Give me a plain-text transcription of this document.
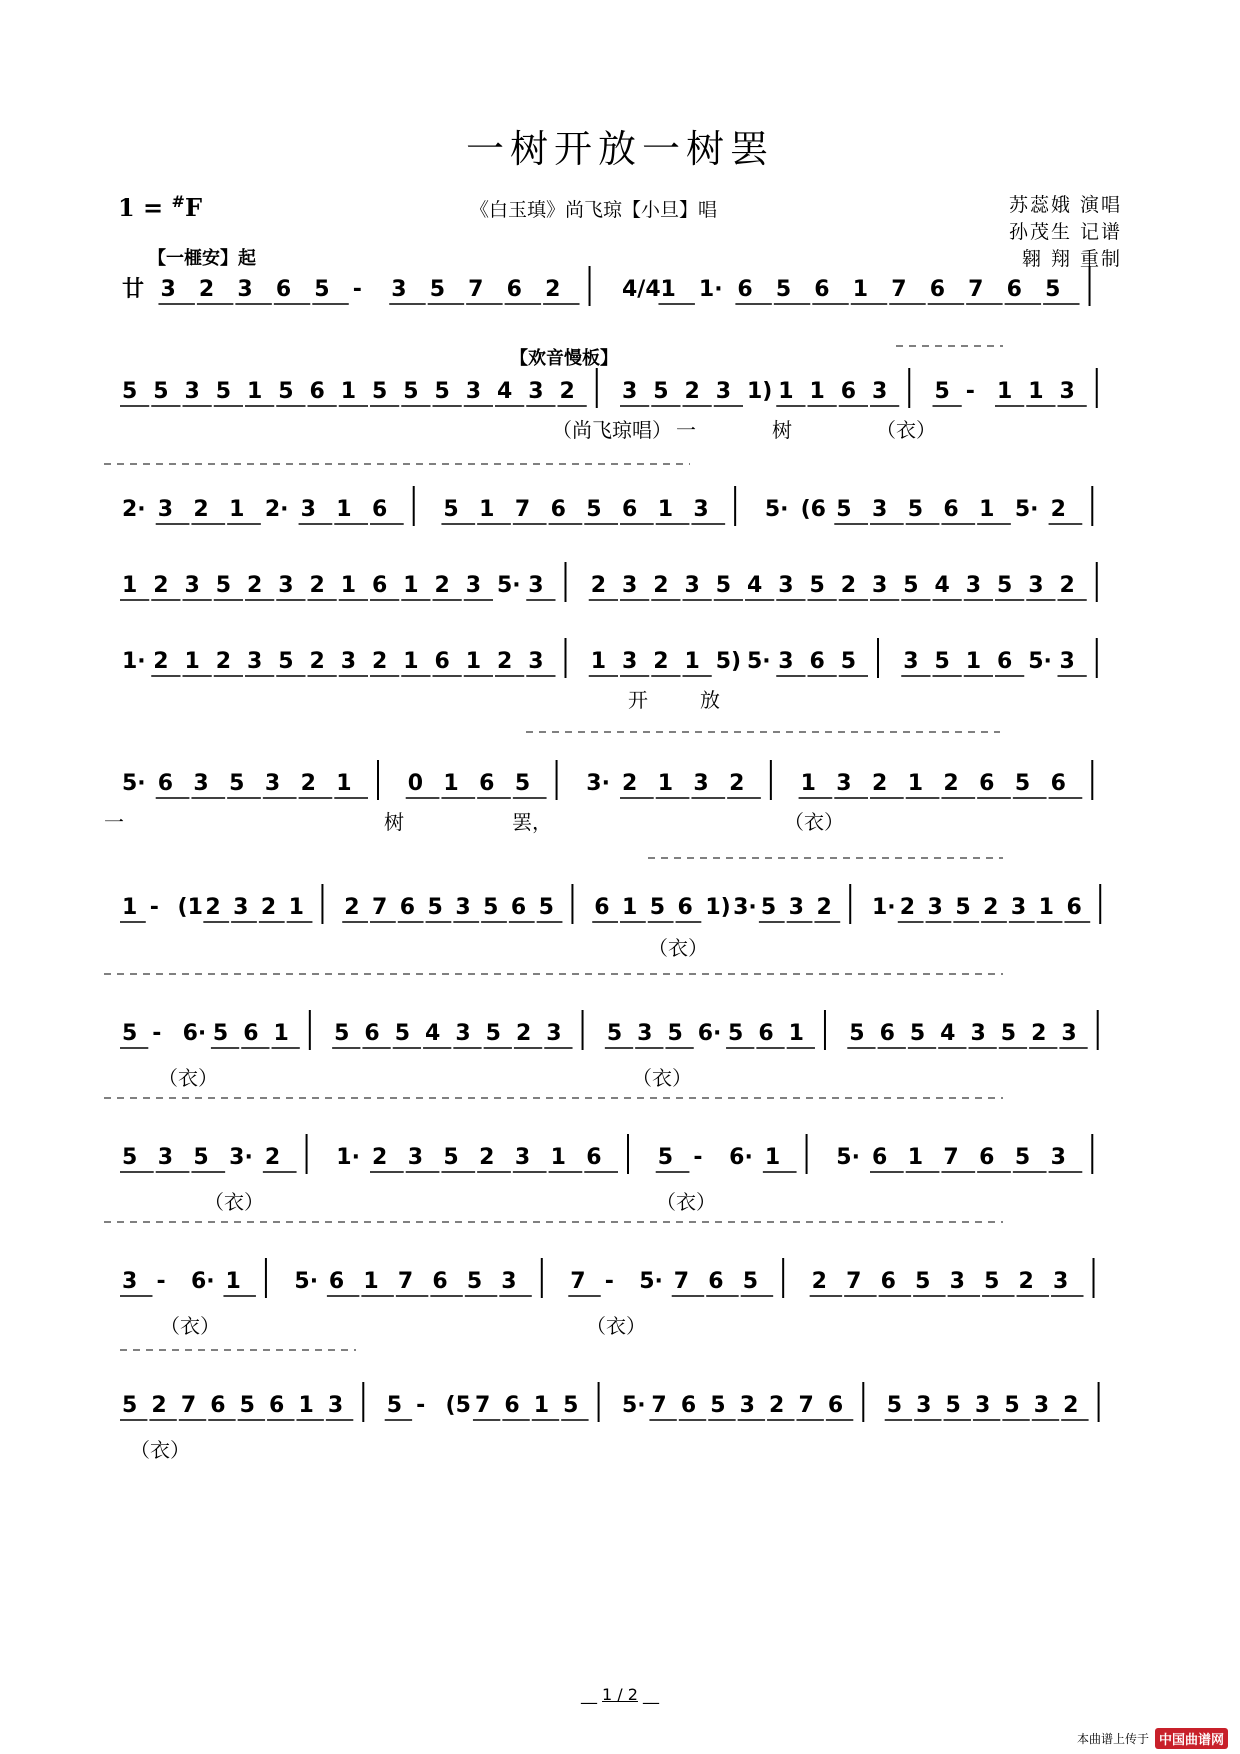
一树开放一树罢
1 = #F	《白玉瑱》尚飞琼【小旦】唱	苏蕊娥 演唱
孙茂生 记谱
翱 翔 重制
【一榧安】起
【欢音慢板】
廿 3 2 3 6 5 - 3 5 7 6 2	4/4 1 1· 6 5 6 1 7 6 7 6 5
5 5 3 5 1 5 6 1 5 5 5 3 4 3 2 3 5 2 3 1) 1 1 6 3 5 - 1 1 3
（尚飞琼唱） 一	树	（衣）
2· 3 2 1 2· 3 1 6	5 1 7 6 5 6 1 3	5· (6 5 3 5 6 1 5· 2
1 2 3 5 2 3 2 1 6 1 2 3 5· 3 2 3 2 3 5 4 3 5 2 3 5 4 3 5 3 2
1· 2 1 2 3 5 2 3 2 1 6 1 2 3 1 3 2 1 5) 5· 3 6 5 3 5 1 6 5· 3
开	放
5· 6 3 5 3 2 1	0 1 6 5	3· 2 1 3 2	1 3 2 1 2 6 5 6
一	树	罢，	（衣）
1 - (1 2 3 2 1 2 7 6 5 3 5 6 5 6 1 5 6 1) 3· 5 3 2 1· 2 3 5 2 3 1 6
（衣）
5 - 6· 5 6 1 5 6 5 4 3 5 2 3 5 3 5 6· 5 6 1 5 6 5 4 3 5 2 3
（衣）	（衣）
5 3 5 3· 2	1· 2 3 5 2 3 1 6	5 - 6· 1	5· 6 1 7 6 5 3
（衣）	（衣）
3 - 6· 1 5· 6 1 7 6 5 3 7 - 5· 7 6 5 2 7 6 5 3 5 2 3
（衣）	（衣）
5 2 7 6 5 6 1 3 5 - (5 7 6 1 5 5· 7 6 5 3 2 7 6 5 3 5 3 5 3 2
（衣）
__ 1 / 2 __
本曲谱上传于 中国曲谱网
